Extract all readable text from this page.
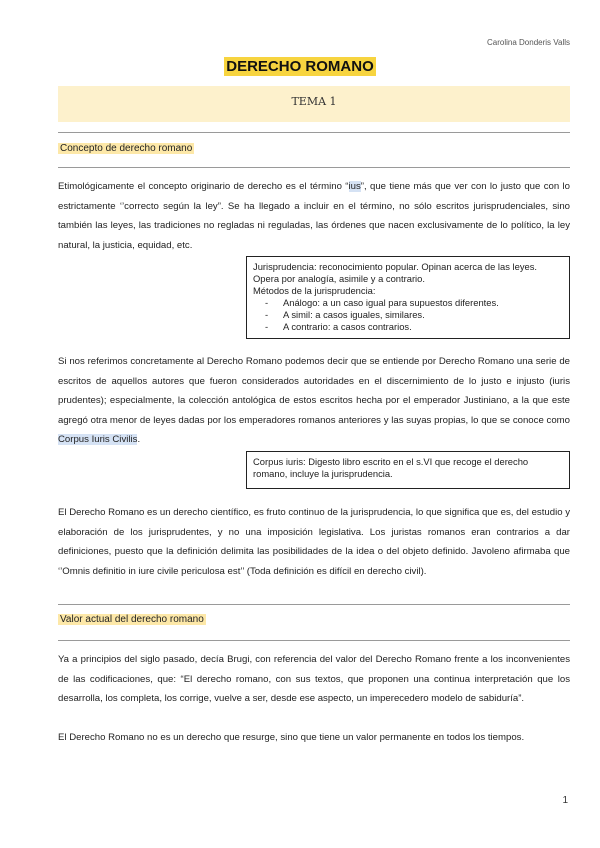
Carolina Donderis Valls
DERECHO ROMANO
TEMA 1
Concepto de derecho romano

Etimológicamente el concepto originario de derecho es el término “ius”, que tiene más que ver con lo justo que con lo estrictamente ‘’correcto según la ley”. Se ha llegado a incluir en el término, no sólo escritos jurisprudenciales, sino también las leyes, las tradiciones no regladas ni reguladas, las órdenes que nacen exclusivamente de lo político, la ley natural, la justicia, equidad, etc.

Jurisprudencia: reconocimiento popular. Opinan acerca de las leyes.
Opera por analogía, asimile y a contrario.
Métodos de la jurisprudencia:
- Análogo: a un caso igual para supuestos diferentes.
- A simil: a casos iguales, similares.
- A contrario: a casos contrarios.

Si nos referimos concretamente al Derecho Romano podemos decir que se entiende por Derecho Romano una serie de escritos de aquellos autores que fueron considerados autoridades en el discernimiento de lo justo e injusto (iuris prudentes); especialmente, la colección antológica de estos escritos hecha por el emperador Justiniano, a la que este agregó otra menor de leyes dadas por los emperadores romanos anteriores y las suyas propias, lo que se conoce como Corpus Iuris Civilis.

Corpus iuris: Digesto libro escrito en el s.VI que recoge el derecho romano, incluye la jurisprudencia.

El Derecho Romano es un derecho científico, es fruto continuo de la jurisprudencia, lo que significa que es, del estudio y elaboración de los jurisprudentes, y no una imposición legislativa. Los juristas romanos eran contrarios a dar definiciones, puesto que la definición delimita las posibilidades de la idea o del objeto definido. Javoleno afirmaba que ‘’Omnis definitio in iure civile periculosa est’’ (Toda definición es difícil en derecho civil).

Valor actual del derecho romano

Ya a principios del siglo pasado, decía Brugi, con referencia del valor del Derecho Romano frente a los inconvenientes de las codificaciones, que: “El derecho romano, con sus textos, que proponen una continua interpretación que los desarrolla, los completa, los corrige, vuelve a ser, desde ese aspecto, un imperecedero modelo de sabiduría”.

El Derecho Romano no es un derecho que resurge, sino que tiene un valor permanente en todos los tiempos.

1
